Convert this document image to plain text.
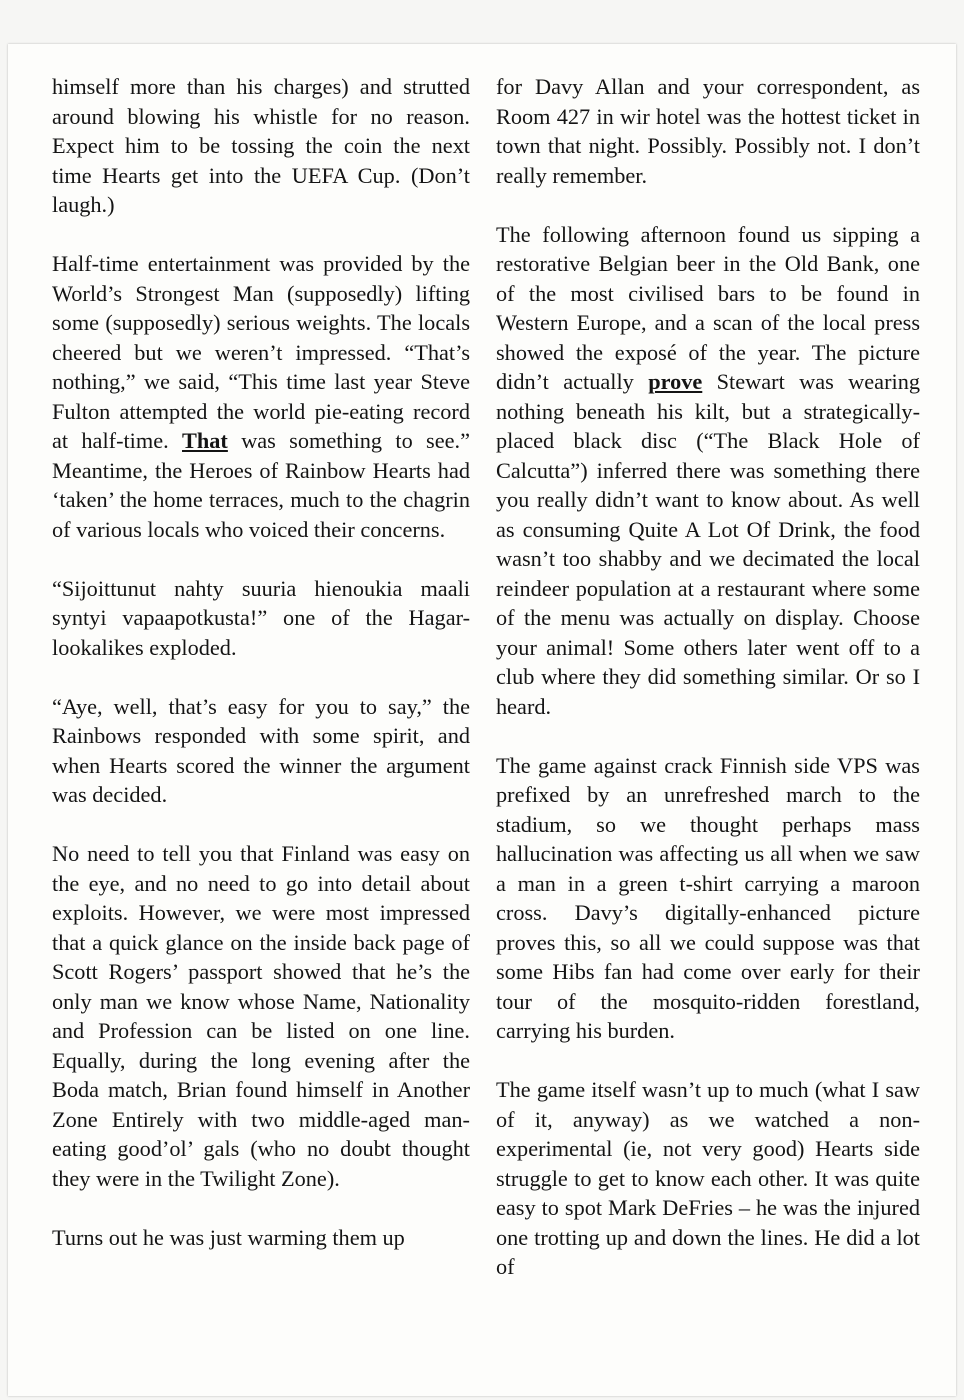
himself more than his charges) and strutted around blowing his whistle for no reason. Expect him to be tossing the coin the next time Hearts get into the UEFA Cup. (Don’t laugh.)

Half-time entertainment was provided by the World’s Strongest Man (supposedly) lifting some (supposedly) serious weights. The locals cheered but we weren’t impressed. “That’s nothing,” we said, “This time last year Steve Fulton attempted the world pie-eating record at half-time. That was something to see.” Meantime, the Heroes of Rainbow Hearts had ‘taken’ the home terraces, much to the chagrin of various locals who voiced their concerns.

“Sijoittunut nahty suuria hienoukia maali syntyi vapaapotkusta!” one of the Hagar-lookalikes exploded.

“Aye, well, that’s easy for you to say,” the Rainbows responded with some spirit, and when Hearts scored the winner the argument was decided.

No need to tell you that Finland was easy on the eye, and no need to go into detail about exploits. However, we were most impressed that a quick glance on the inside back page of Scott Rogers’ passport showed that he’s the only man we know whose Name, Nationality and Profession can be listed on one line. Equally, during the long evening after the Boda match, Brian found himself in Another Zone Entirely with two middle-aged man-eating good’ol’ gals (who no doubt thought they were in the Twilight Zone).

Turns out he was just warming them up

for Davy Allan and your correspondent, as Room 427 in wir hotel was the hottest ticket in town that night. Possibly. Possibly not. I don’t really remember.

The following afternoon found us sipping a restorative Belgian beer in the Old Bank, one of the most civilised bars to be found in Western Europe, and a scan of the local press showed the exposé of the year. The picture didn’t actually prove Stewart was wearing nothing beneath his kilt, but a strategically-placed black disc (“The Black Hole of Calcutta”) inferred there was something there you really didn’t want to know about. As well as consuming Quite A Lot Of Drink, the food wasn’t too shabby and we decimated the local reindeer population at a restaurant where some of the menu was actually on display. Choose your animal! Some others later went off to a club where they did something similar. Or so I heard.

The game against crack Finnish side VPS was prefixed by an unrefreshed march to the stadium, so we thought perhaps mass hallucination was affecting us all when we saw a man in a green t-shirt carrying a maroon cross. Davy’s digitally-enhanced picture proves this, so all we could suppose was that some Hibs fan had come over early for their tour of the mosquito-ridden forestland, carrying his burden.

The game itself wasn’t up to much (what I saw of it, anyway) as we watched a non-experimental (ie, not very good) Hearts side struggle to get to know each other. It was quite easy to spot Mark DeFries – he was the injured one trotting up and down the lines. He did a lot of
